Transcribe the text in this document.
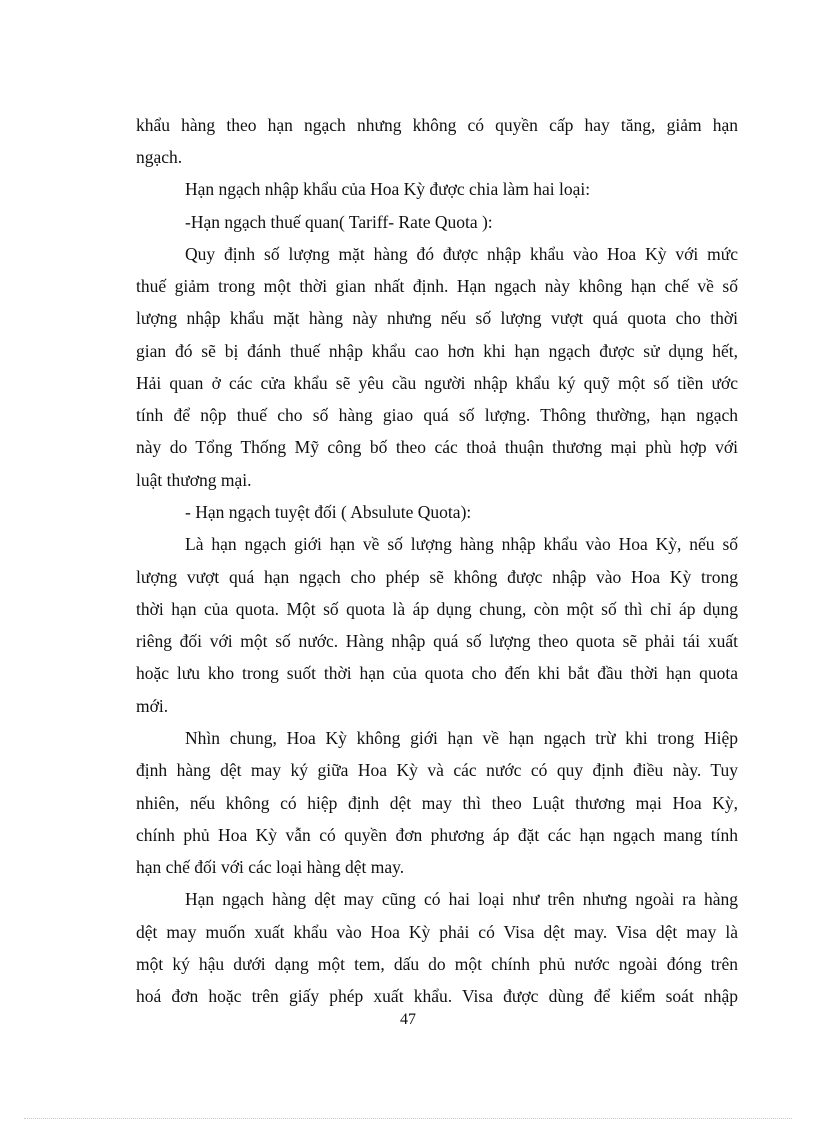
khẩu hàng theo hạn ngạch nhưng không có quyền cấp hay tăng, giảm hạn
ngạch.
Hạn ngạch nhập khẩu của Hoa Kỳ được chia làm hai loại:
-Hạn ngạch thuế quan( Tariff- Rate Quota ):
Quy định số lượng mặt hàng đó được nhập khẩu vào Hoa Kỳ với mức
thuế giảm trong một thời gian nhất định. Hạn ngạch này không hạn chế về số
lượng nhập khẩu mặt hàng này nhưng nếu số lượng vượt quá quota cho thời
gian đó sẽ bị đánh thuế nhập khẩu cao hơn khi hạn ngạch được sử dụng hết,
Hải quan ở các cửa khẩu sẽ yêu cầu người nhập khẩu ký quỹ một số tiền ước
tính để nộp thuế cho số hàng giao quá số lượng. Thông thường, hạn ngạch
này do Tổng Thống Mỹ công bố theo các thoả thuận thương mại phù hợp với
luật thương mại.
- Hạn ngạch tuyệt đối ( Absulute Quota):
Là hạn ngạch giới hạn về số lượng hàng nhập khẩu vào Hoa Kỳ, nếu số
lượng vượt quá hạn ngạch cho phép sẽ không được nhập vào Hoa Kỳ trong
thời hạn của quota. Một số quota là áp dụng chung, còn một số thì chỉ áp dụng
riêng đối với một số nước. Hàng nhập quá số lượng theo quota sẽ phải tái xuất
hoặc lưu kho trong suốt thời hạn của quota cho đến khi bắt đầu thời hạn quota
mới.
Nhìn chung, Hoa Kỳ không giới hạn về hạn ngạch trừ khi trong Hiệp
định hàng dệt may ký giữa Hoa Kỳ và các nước có quy định điều này. Tuy
nhiên, nếu không có hiệp định dệt may thì theo Luật thương mại Hoa Kỳ,
chính phủ Hoa Kỳ vẫn có quyền đơn phương áp đặt các hạn ngạch mang tính
hạn chế đối với các loại hàng dệt may.
Hạn ngạch hàng dệt may cũng có hai loại như trên nhưng ngoài ra hàng
dệt may muốn xuất khẩu vào Hoa Kỳ phải có Visa dệt may. Visa dệt may là
một ký hậu dưới dạng một tem, dấu do một chính phủ nước ngoài đóng trên
hoá đơn hoặc trên giấy phép xuất khẩu. Visa được dùng để kiểm soát nhập
47
